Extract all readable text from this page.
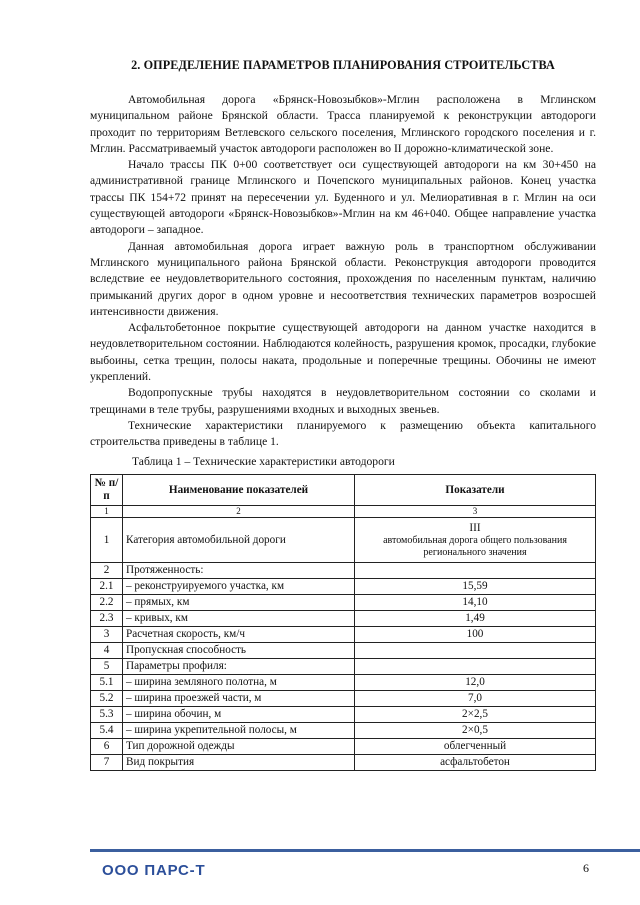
2. ОПРЕДЕЛЕНИЕ ПАРАМЕТРОВ ПЛАНИРОВАНИЯ СТРОИТЕЛЬСТВА

Автомобильная дорога «Брянск-Новозыбков»-Мглин расположена в Мглинском муниципальном районе Брянской области. Трасса планируемой к реконструкции автодороги проходит по территориям Ветлевского сельского поселения, Мглинского городского поселения и г. Мглин. Рассматриваемый участок автодороги расположен во II дорожно-климатической зоне.

Начало трассы ПК 0+00 соответствует оси существующей автодороги на км 30+450 на административной границе Мглинского и Почепского муниципальных районов. Конец участка трассы ПК 154+72 принят на пересечении ул. Буденного и ул. Мелиоративная в г. Мглин на оси существующей автодороги «Брянск-Новозыбков»-Мглин на км 46+040. Общее направление участка автодороги – западное.

Данная автомобильная дорога играет важную роль в транспортном обслуживании Мглинского муниципального района Брянской области. Реконструкция автодороги проводится вследствие ее неудовлетворительного состояния, прохождения по населенным пунктам, наличию примыканий других дорог в одном уровне и несоответствия технических параметров возросшей интенсивности движения.

Асфальтобетонное покрытие существующей автодороги на данном участке находится в неудовлетворительном состоянии. Наблюдаются колейность, разрушения кромок, просадки, глубокие выбоины, сетка трещин, полосы наката, продольные и поперечные трещины. Обочины не имеют укреплений.

Водопропускные трубы находятся в неудовлетворительном состоянии со сколами и трещинами в теле трубы, разрушениями входных и выходных звеньев.

Технические характеристики планируемого к размещению объекта капитального строительства приведены в таблице 1.

Таблица 1 – Технические характеристики автодороги
№ п/п	Наименование показателей	Показатели
1	2	3
1	Категория автомобильной дороги	III
автомобильная дорога общего пользования регионального значения

2	Протяженность:	
2.1	– реконструируемого участка, км	15,59
2.2	– прямых, км	14,10
2.3	– кривых, км	1,49
3	Расчетная скорость, км/ч	100
4	Пропускная способность	
5	Параметры профиля:	
5.1	– ширина земляного полотна, м	12,0
5.2	– ширина проезжей части, м	7,0
5.3	– ширина обочин, м	2×2,5
5.4	– ширина укрепительной полосы, м	2×0,5
6	Тип дорожной одежды	облегченный
7	Вид покрытия	асфальтобетон
ООО ПАРС-Т	6
